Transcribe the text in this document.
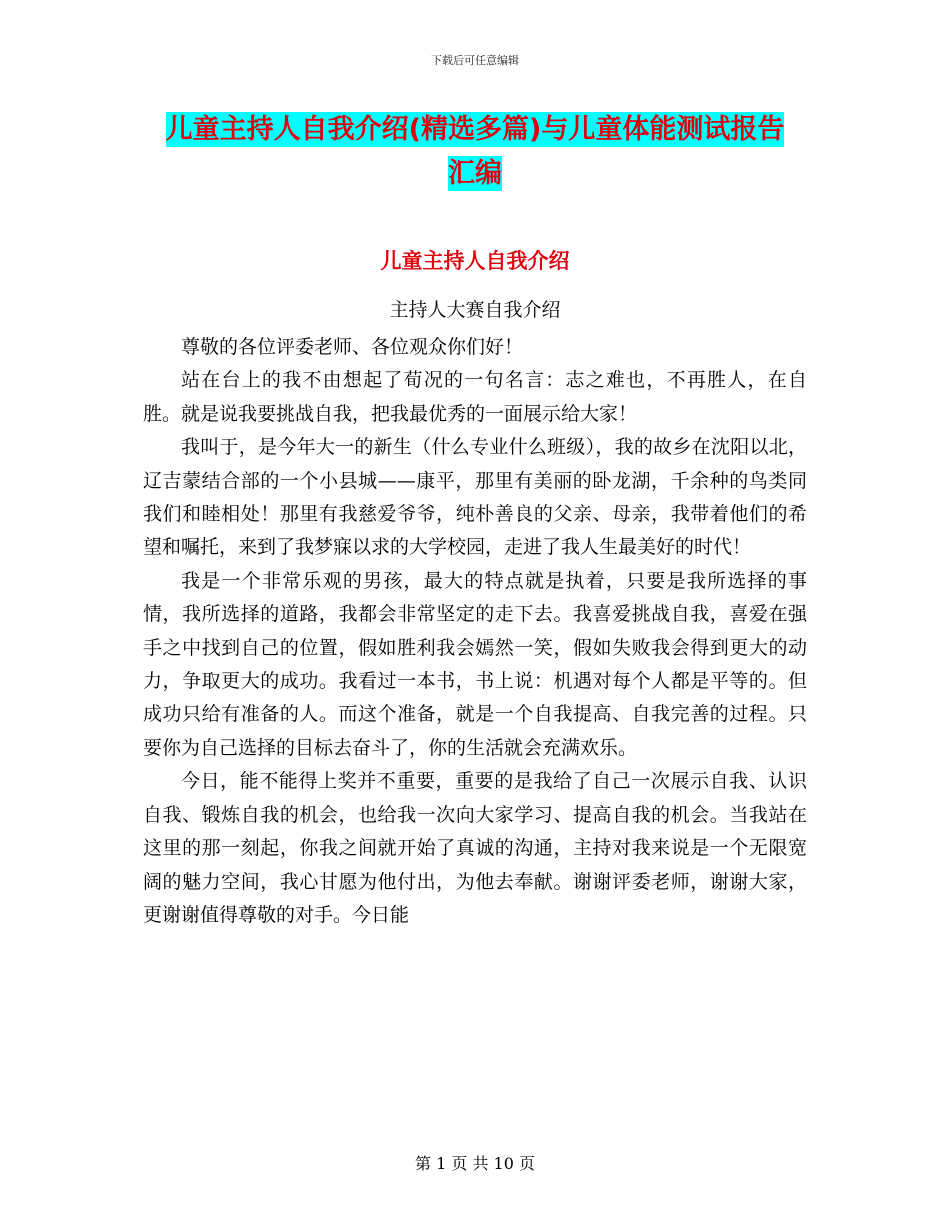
下载后可任意编辑
儿童主持人自我介绍(精选多篇)与儿童体能测试报告
汇编
儿童主持人自我介绍
主持人大赛自我介绍

尊敬的各位评委老师、各位观众你们好！

站在台上的我不由想起了荀况的一句名言：志之难也，不再胜人，在自胜。就是说我要挑战自我，把我最优秀的一面展示给大家！

我叫于，是今年大一的新生（什么专业什么班级），我的故乡在沈阳以北，辽吉蒙结合部的一个小县城——康平，那里有美丽的卧龙湖，千余种的鸟类同我们和睦相处！那里有我慈爱爷爷，纯朴善良的父亲、母亲，我带着他们的希望和嘱托，来到了我梦寐以求的大学校园，走进了我人生最美好的时代！

我是一个非常乐观的男孩，最大的特点就是执着，只要是我所选择的事情，我所选择的道路，我都会非常坚定的走下去。我喜爱挑战自我，喜爱在强手之中找到自己的位置，假如胜利我会嫣然一笑，假如失败我会得到更大的动力，争取更大的成功。我看过一本书，书上说：机遇对每个人都是平等的。但成功只给有准备的人。而这个准备，就是一个自我提高、自我完善的过程。只要你为自己选择的目标去奋斗了，你的生活就会充满欢乐。

今日，能不能得上奖并不重要，重要的是我给了自己一次展示自我、认识自我、锻炼自我的机会，也给我一次向大家学习、提高自我的机会。当我站在这里的那一刻起，你我之间就开始了真诚的沟通，主持对我来说是一个无限宽阔的魅力空间，我心甘愿为他付出，为他去奉献。谢谢评委老师，谢谢大家，更谢谢值得尊敬的对手。今日能

第 1 页 共 10 页
